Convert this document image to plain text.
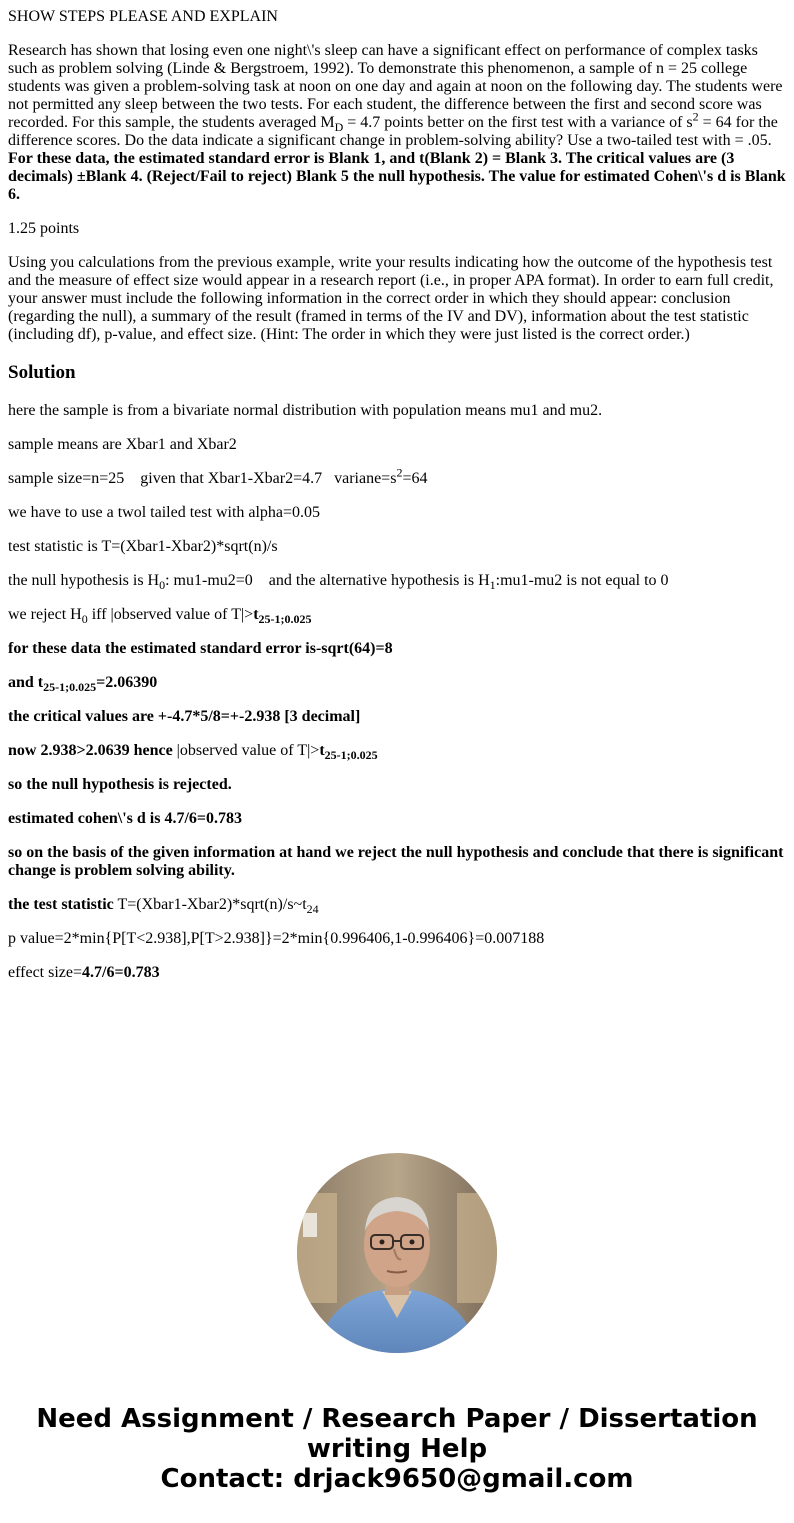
SHOW STEPS PLEASE AND EXPLAIN

Research has shown that losing even one night\'s sleep can have a significant effect on performance of complex tasks such as problem solving (Linde & Bergstroem, 1992). To demonstrate this phenomenon, a sample of n = 25 college students was given a problem-solving task at noon on one day and again at noon on the following day. The students were not permitted any sleep between the two tests. For each student, the difference between the first and second score was recorded. For this sample, the students averaged $M_D = 4.7$ points better on the first test with a variance of $s^2 = 64$ for the difference scores. Do the data indicate a significant change in problem-solving ability? Use a two-tailed test with = .05. For these data, the estimated standard error is Blank 1, and t(Blank 2) = Blank 3. The critical values are (3 decimals) ±Blank 4. (Reject/Fail to reject) Blank 5 the null hypothesis. The value for estimated Cohen\'s d is Blank 6.

1.25 points

Using you calculations from the previous example, write your results indicating how the outcome of the hypothesis test and the measure of effect size would appear in a research report (i.e., in proper APA format). In order to earn full credit, your answer must include the following information in the correct order in which they should appear: conclusion (regarding the null), a summary of the result (framed in terms of the IV and DV), information about the test statistic (including df), p-value, and effect size. (Hint: The order in which they were just listed is the correct order.)

Solution

here the sample is from a bivariate normal distribution with population means mu1 and mu2.

sample means are Xbar1 and Xbar2

sample size=n=25    given that Xbar1-Xbar2=4.7   $variane=s^2=64$

we have to use a twol tailed test with alpha=0.05

test statistic is T=(Xbar1-Xbar2)*sqrt(n)/s

the null hypothesis is $H_0$: mu1-mu2=0    and the alternative hypothesis is $H_1:mu1-mu2$ is not equal to 0

we reject $H_0$ iff |observed value of $T|>t_{25-1;0.025}$

for these data the estimated standard error is-sqrt(64)=8

and $t_{25-1;0.025}=2.06390$

the critical values are +-4.7*5/8=+-2.938 [3 decimal]

now 2.938>2.0639 hence |observed value of $T|>t_{25-1;0.025}$

so the null hypothesis is rejected.

estimated cohen\'s d is 4.7/6=0.783

so on the basis of the given information at hand we reject the null hypothesis and conclude that there is significant change is problem solving ability.

the test statistic $T=(Xbar1-Xbar2)*sqrt(n)/s\sim t_{24}$

p value=2*min{P[T<2.938],P[T>2.938]}=2*min{0.996406,1-0.996406}=0.007188

effect size=4.7/6=0.783

Need Assignment / Research Paper / Dissertation
writing Help
Contact: drjack9650@gmail.com
